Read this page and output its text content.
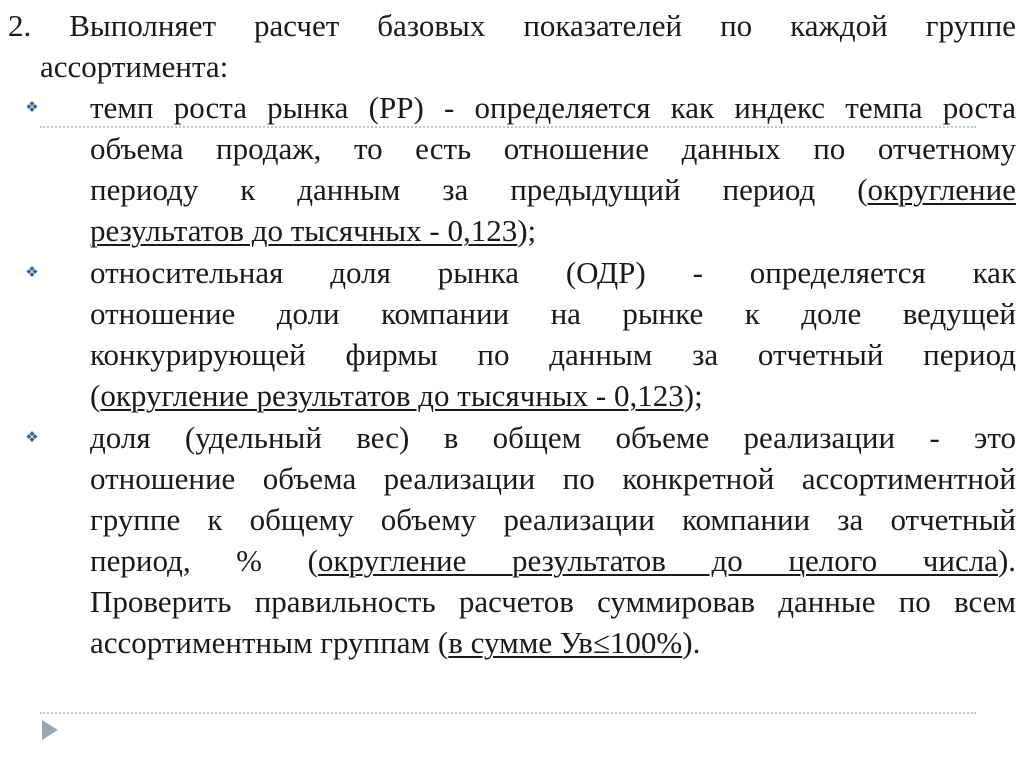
2. Выполняет расчет базовых показателей по каждой группе
ассортимента:
❖ темп роста рынка (РР) - определяется как индекс темпа роста
объема продаж, то есть отношение данных по отчетному
периоду к данным за предыдущий период (округление
результатов до тысячных - 0,123);
❖ относительная доля рынка (ОДР) - определяется как
отношение доли компании на рынке к доле ведущей
конкурирующей фирмы по данным за отчетный период
(округление результатов до тысячных - 0,123);
❖ доля (удельный вес) в общем объеме реализации - это
отношение объема реализации по конкретной ассортиментной
группе к общему объему реализации компании за отчетный
период, % (округление результатов до целого числа).
Проверить правильность расчетов суммировав данные по всем
ассортиментным группам (в сумме Ув≤100%).
